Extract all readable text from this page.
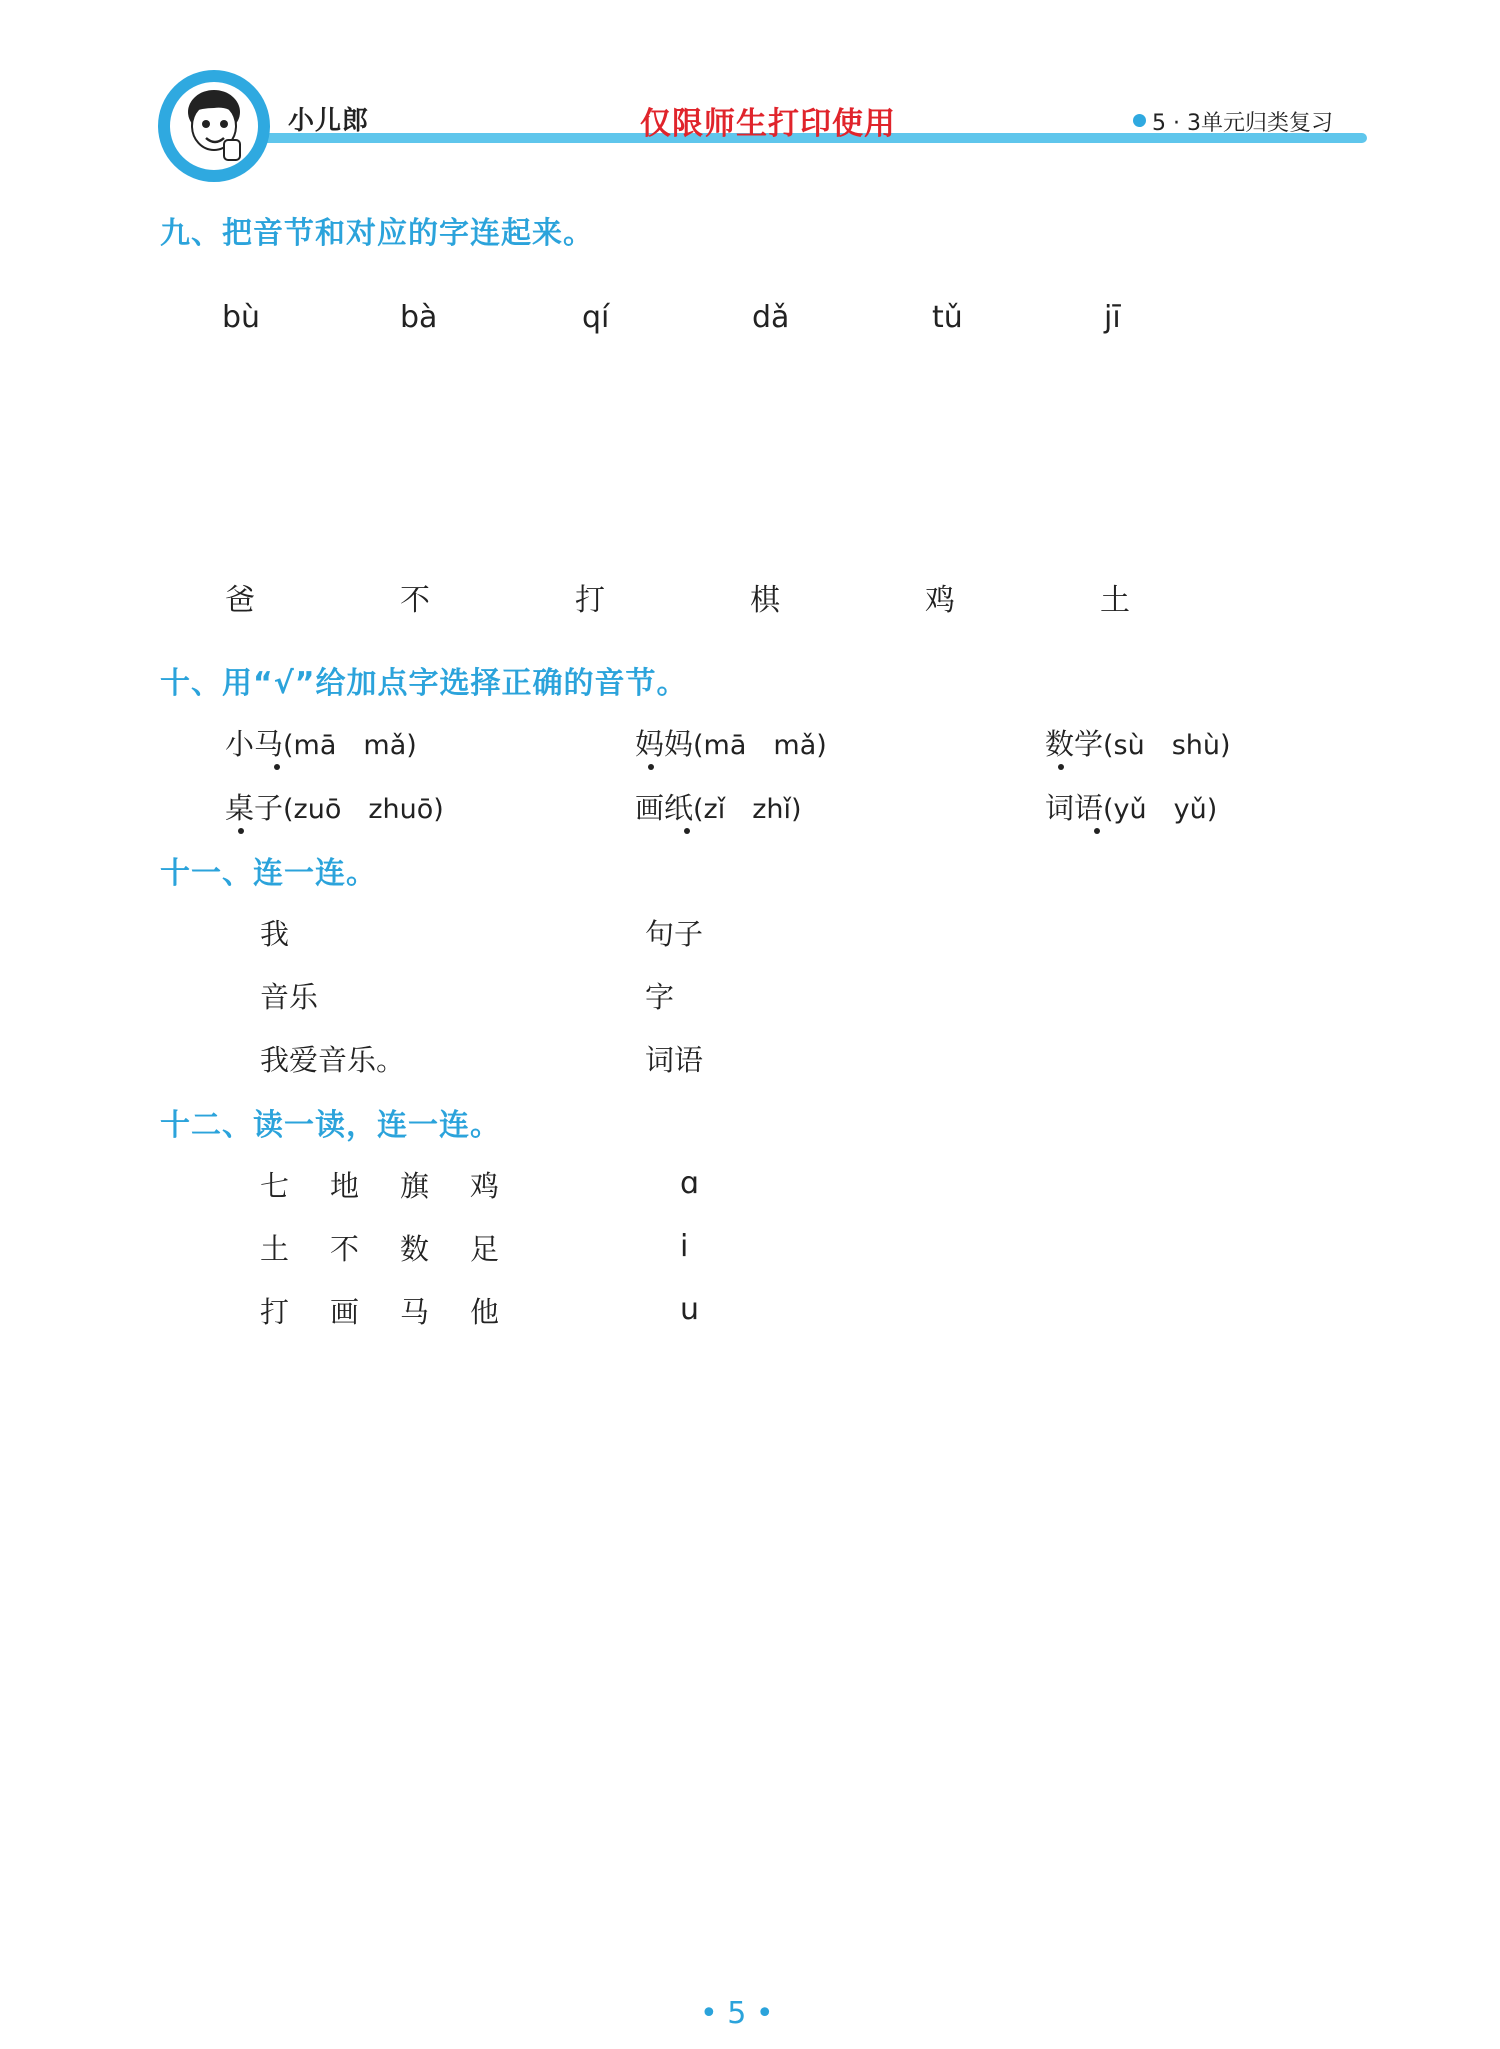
小儿郎	仅限师生打印使用	5 · 3单元归类复习
九、把音节和对应的字连起来。
bù	bà	qí	dǎ	tǔ	jī
爸	不	打	棋	鸡	土
十、用“√”给加点字选择正确的音节。
小马(mā　mǎ)	妈妈(mā　mǎ)	数学(sù　shù)
桌子(zuō　zhuō)	画纸(zǐ　zhǐ)	词语(yǔ　yǔ)
十一、连一连。
我
音乐
我爱音乐。
句子
字
词语
十二、读一读，连一连。
七 地 旗 鸡
土 不 数 足
打 画 马 他
ɑ
i
u
• 5 •
